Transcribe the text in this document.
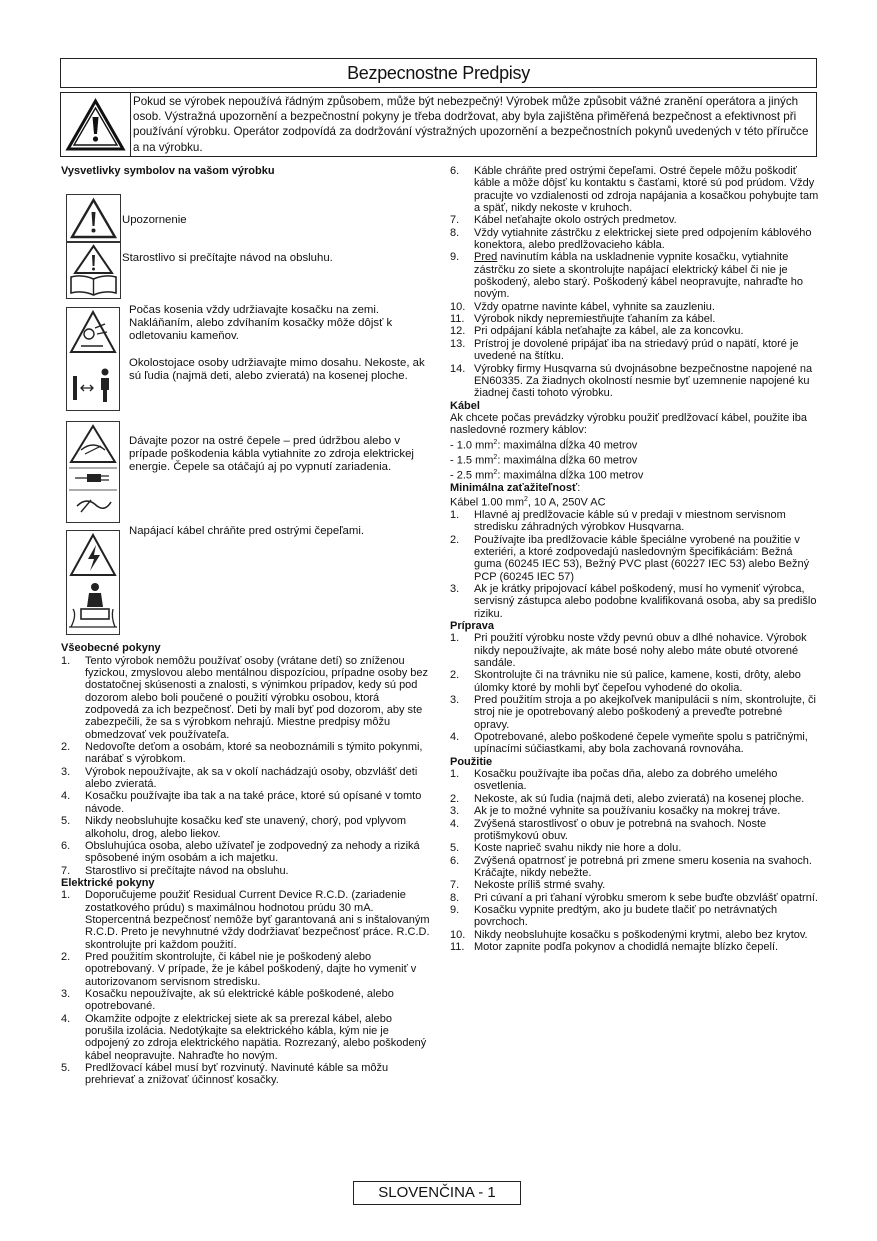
Bezpecnostne Predpisy
Pokud se výrobek nepoužívá řádným způsobem, může být nebezpečný! Výrobek může způsobit vážné zranění operátora a jiných osob. Výstražná upozornění a bezpečnostní pokyny je třeba dodržovat, aby byla zajištěna přiměřená bezpečnost a efektivnost při používání výrobku. Operátor zodpovídá za dodržování výstražných upozornění a bezpečnostních pokynů uvedených v této příručce a na výrobku.
Vysvetlivky symbolov na vašom výrobku
Upozornenie
Starostlivo si prečítajte návod na obsluhu.
Počas kosenia vždy udržiavajte kosačku na zemi. Nakláňaním, alebo zdvíhaním kosačky môže dôjsť k odletovaniu kameňov.
Okolostojace osoby udržiavajte mimo dosahu. Nekoste, ak sú ľudia (najmä deti, alebo zvieratá) na kosenej ploche.
Dávajte pozor na ostré čepele – pred údržbou alebo v prípade poškodenia kábla vytiahnite zo zdroja elektrickej energie. Čepele sa otáčajú aj po vypnutí zariadenia.
Napájací kábel chráňte pred ostrými čepeľami.
Všeobecné pokyny
1.	Tento výrobok nemôžu používať osoby (vrátane detí) so zníženou fyzickou, zmyslovou alebo mentálnou dispozíciou, prípadne osoby bez dostatočnej skúsenosti a znalosti, s výnimkou prípadov, kedy sú pod dozorom alebo boli poučené o použití výrobku osobou, ktorá zodpovedá za ich bezpečnosť. Deti by mali byť pod dozorom, aby ste zabezpečili, že sa s výrobkom nehrajú. Miestne predpisy môžu obmedzovať vek používateľa.
2.	Nedovoľte deťom a osobám, ktoré sa neoboznámili s týmito pokynmi, narábať s výrobkom.
3.	Výrobok nepoužívajte, ak sa v okolí nachádzajú osoby, obzvlášť deti alebo zvieratá.
4.	Kosačku používajte iba tak a na také práce, ktoré sú opísané v tomto návode.
5.	Nikdy neobsluhujte kosačku keď ste unavený, chorý, pod vplyvom alkoholu, drog, alebo liekov.
6.	Obsluhujúca osoba, alebo užívateľ je zodpovedný za nehody a riziká spôsobené iným osobám a ich majetku.
7.	Starostlivo si prečítajte návod na obsluhu.
Elektrické pokyny
1.	Doporučujeme použiť Residual Current Device R.C.D. (zariadenie zostatkového prúdu) s maximálnou hodnotou prúdu 30 mA. Stopercentná bezpečnosť nemôže byť garantovaná ani s inštalovaným R.C.D. Preto je nevyhnutné vždy dodržiavať bezpečnosť práce. R.C.D. skontrolujte pri každom použití.
2.	Pred použitím skontrolujte, či kábel nie je poškodený alebo opotrebovaný. V prípade, že je kábel poškodený, dajte ho vymeniť v autorizovanom servisnom stredisku.
3.	Kosačku nepoužívajte, ak sú elektrické káble poškodené, alebo opotrebované.
4.	Okamžite odpojte z elektrickej siete ak sa prerezal kábel, alebo porušila izolácia. Nedotýkajte sa elektrického kábla, kým nie je odpojený zo zdroja elektrického napätia. Rozrezaný, alebo poškodený kábel neopravujte. Nahraďte ho novým.
5.	Predlžovací kábel musí byť rozvinutý. Navinuté káble sa môžu prehrievať a znižovať účinnosť kosačky.
6.	Káble chráňte pred ostrými čepeľami. Ostré čepele môžu poškodiť káble a môže dôjsť ku kontaktu s časťami, ktoré sú pod prúdom. Vždy pracujte vo vzdialenosti od zdroja napájania a kosačkou pohybujte tam a späť, nikdy nekoste v kruhoch.
7.	Kábel neťahajte okolo ostrých predmetov.
8.	Vždy vytiahnite zástrčku z elektrickej siete pred odpojením káblového konektora, alebo predlžovacieho kábla.
9.	Pred navinutím kábla na uskladnenie vypnite kosačku, vytiahnite zástrčku zo siete a skontrolujte napájací elektrický kábel či nie je poškodený, alebo starý. Poškodený kábel neopravujte, nahraďte ho novým.
10. Vždy opatrne navinte kábel, vyhnite sa zauzleniu.
11. Výrobok nikdy nepremiestňujte ťahaním za kábel.
12. Pri odpájaní kábla neťahajte za kábel, ale za koncovku.
13. Prístroj je dovolené pripájať iba na striedavý prúd o napätí, ktoré je uvedené na štítku.
14. Výrobky firmy Husqvarna sú dvojnásobne bezpečnostne napojené na EN60335. Za žiadnych okolností nesmie byť uzemnenie napojené ku žiadnej časti tohoto výrobku.
Kábel
Ak chcete počas prevádzky výrobku použiť predlžovací kábel, použite iba nasledovné rozmery káblov:
- 1.0 $mm^2$: maximálna dĺžka 40 metrov
- 1.5 $mm^2$: maximálna dĺžka 60 metrov
- 2.5 $mm^2$: maximálna dĺžka 100 metrov
Minimálna zaťažiteľnosť:
Kábel 1.00 $mm^2$, 10 A, 250V AC
1.	Hlavné aj predlžovacie káble sú v predaji v miestnom servisnom stredisku záhradných výrobkov Husqvarna.
2.	Používajte iba predlžovacie káble špeciálne vyrobené na použitie v exteriéri, a ktoré zodpovedajú nasledovným špecifikáciám: Bežná guma (60245 IEC 53), Bežný PVC plast (60227 IEC 53) alebo Bežný PCP (60245 IEC 57)
3.	Ak je krátky pripojovací kábel poškodený, musí ho vymeniť výrobca, servisný zástupca alebo podobne kvalifikovaná osoba, aby sa predišlo riziku.
Príprava
1.	Pri použití výrobku noste vždy pevnú obuv a dlhé nohavice. Výrobok nikdy nepoužívajte, ak máte bosé nohy alebo máte obuté otvorené sandále.
2.	Skontrolujte či na trávniku nie sú palice, kamene, kosti, drôty, alebo úlomky ktoré by mohli byť čepeľou vyhodené do okolia.
3.	Pred použitím stroja a po akejkoľvek manipulácii s ním, skontrolujte, či stroj nie je opotrebovaný alebo poškodený a preveďte potrebné opravy.
4.	Opotrebované, alebo poškodené čepele vymeňte spolu s patričnými, upínacími súčiastkami, aby bola zachovaná rovnováha.
Použitie
1.	Kosačku používajte iba počas dňa, alebo za dobrého umelého osvetlenia.
2.	Nekoste, ak sú ľudia (najmä deti, alebo zvieratá) na kosenej ploche.
3.	Ak je to možné vyhnite sa používaniu kosačky na mokrej tráve.
4.	Zvýšená starostlivosť o obuv je potrebná na svahoch. Noste protišmykovú obuv.
5.	Koste naprieč svahu nikdy nie hore a dolu.
6.	Zvýšená opatrnosť je potrebná pri zmene smeru kosenia na svahoch. Kráčajte, nikdy nebežte.
7.	Nekoste príliš strmé svahy.
8.	Pri cúvaní a pri ťahaní výrobku smerom k sebe buďte obzvlášť opatrní.
9.	Kosačku vypnite predtým, ako ju budete tlačiť po netrávnatých povrchoch.
10. Nikdy neobsluhujte kosačku s poškodenými krytmi, alebo bez krytov.
11. Motor zapnite podľa pokynov a chodidlá nemajte blízko čepelí.
SLOVENČINA - 1
